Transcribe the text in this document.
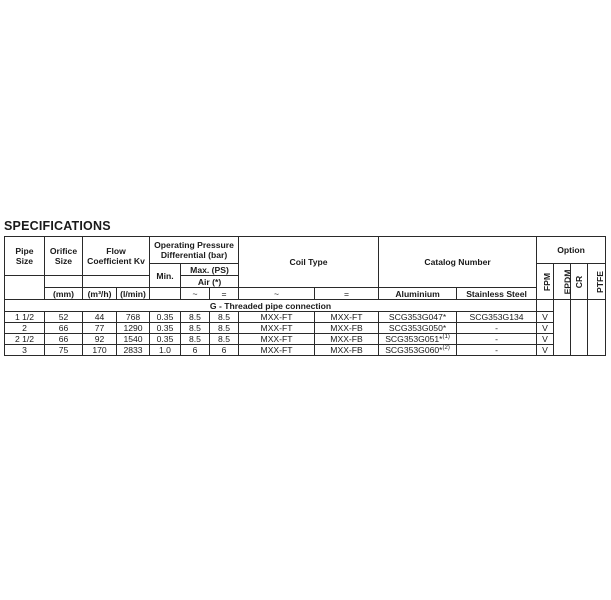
SPECIFICATIONS
Pipe Size	Orifice Size	Flow Coefficient Kv		Operating Pressure Differential (bar)			Coil Type		Catalog Number		Option			

				Min.	Max. (PS)						FPM	EPDM	CR	PTFE
					Air (*)									
	(mm)	(m³/h)	(l/min)		~	=	~	=	Aluminium	Stainless Steel				
G - Threaded pipe connection														
1 1/2	52	44	768	0.35	8.5	8.5	MXX-FT	MXX-FT	SCG353G047*	SCG353G134	V			
2	66	77	1290	0.35	8.5	8.5	MXX-FT	MXX-FB	SCG353G050*	-	V			
2 1/2	66	92	1540	0.35	8.5	8.5	MXX-FT	MXX-FB	SCG353G051*$^{(1)}$	-	V			
3	75	170	2833	1.0	6	6	MXX-FT	MXX-FB	SCG353G060*$^{(2)}$	-	V			
